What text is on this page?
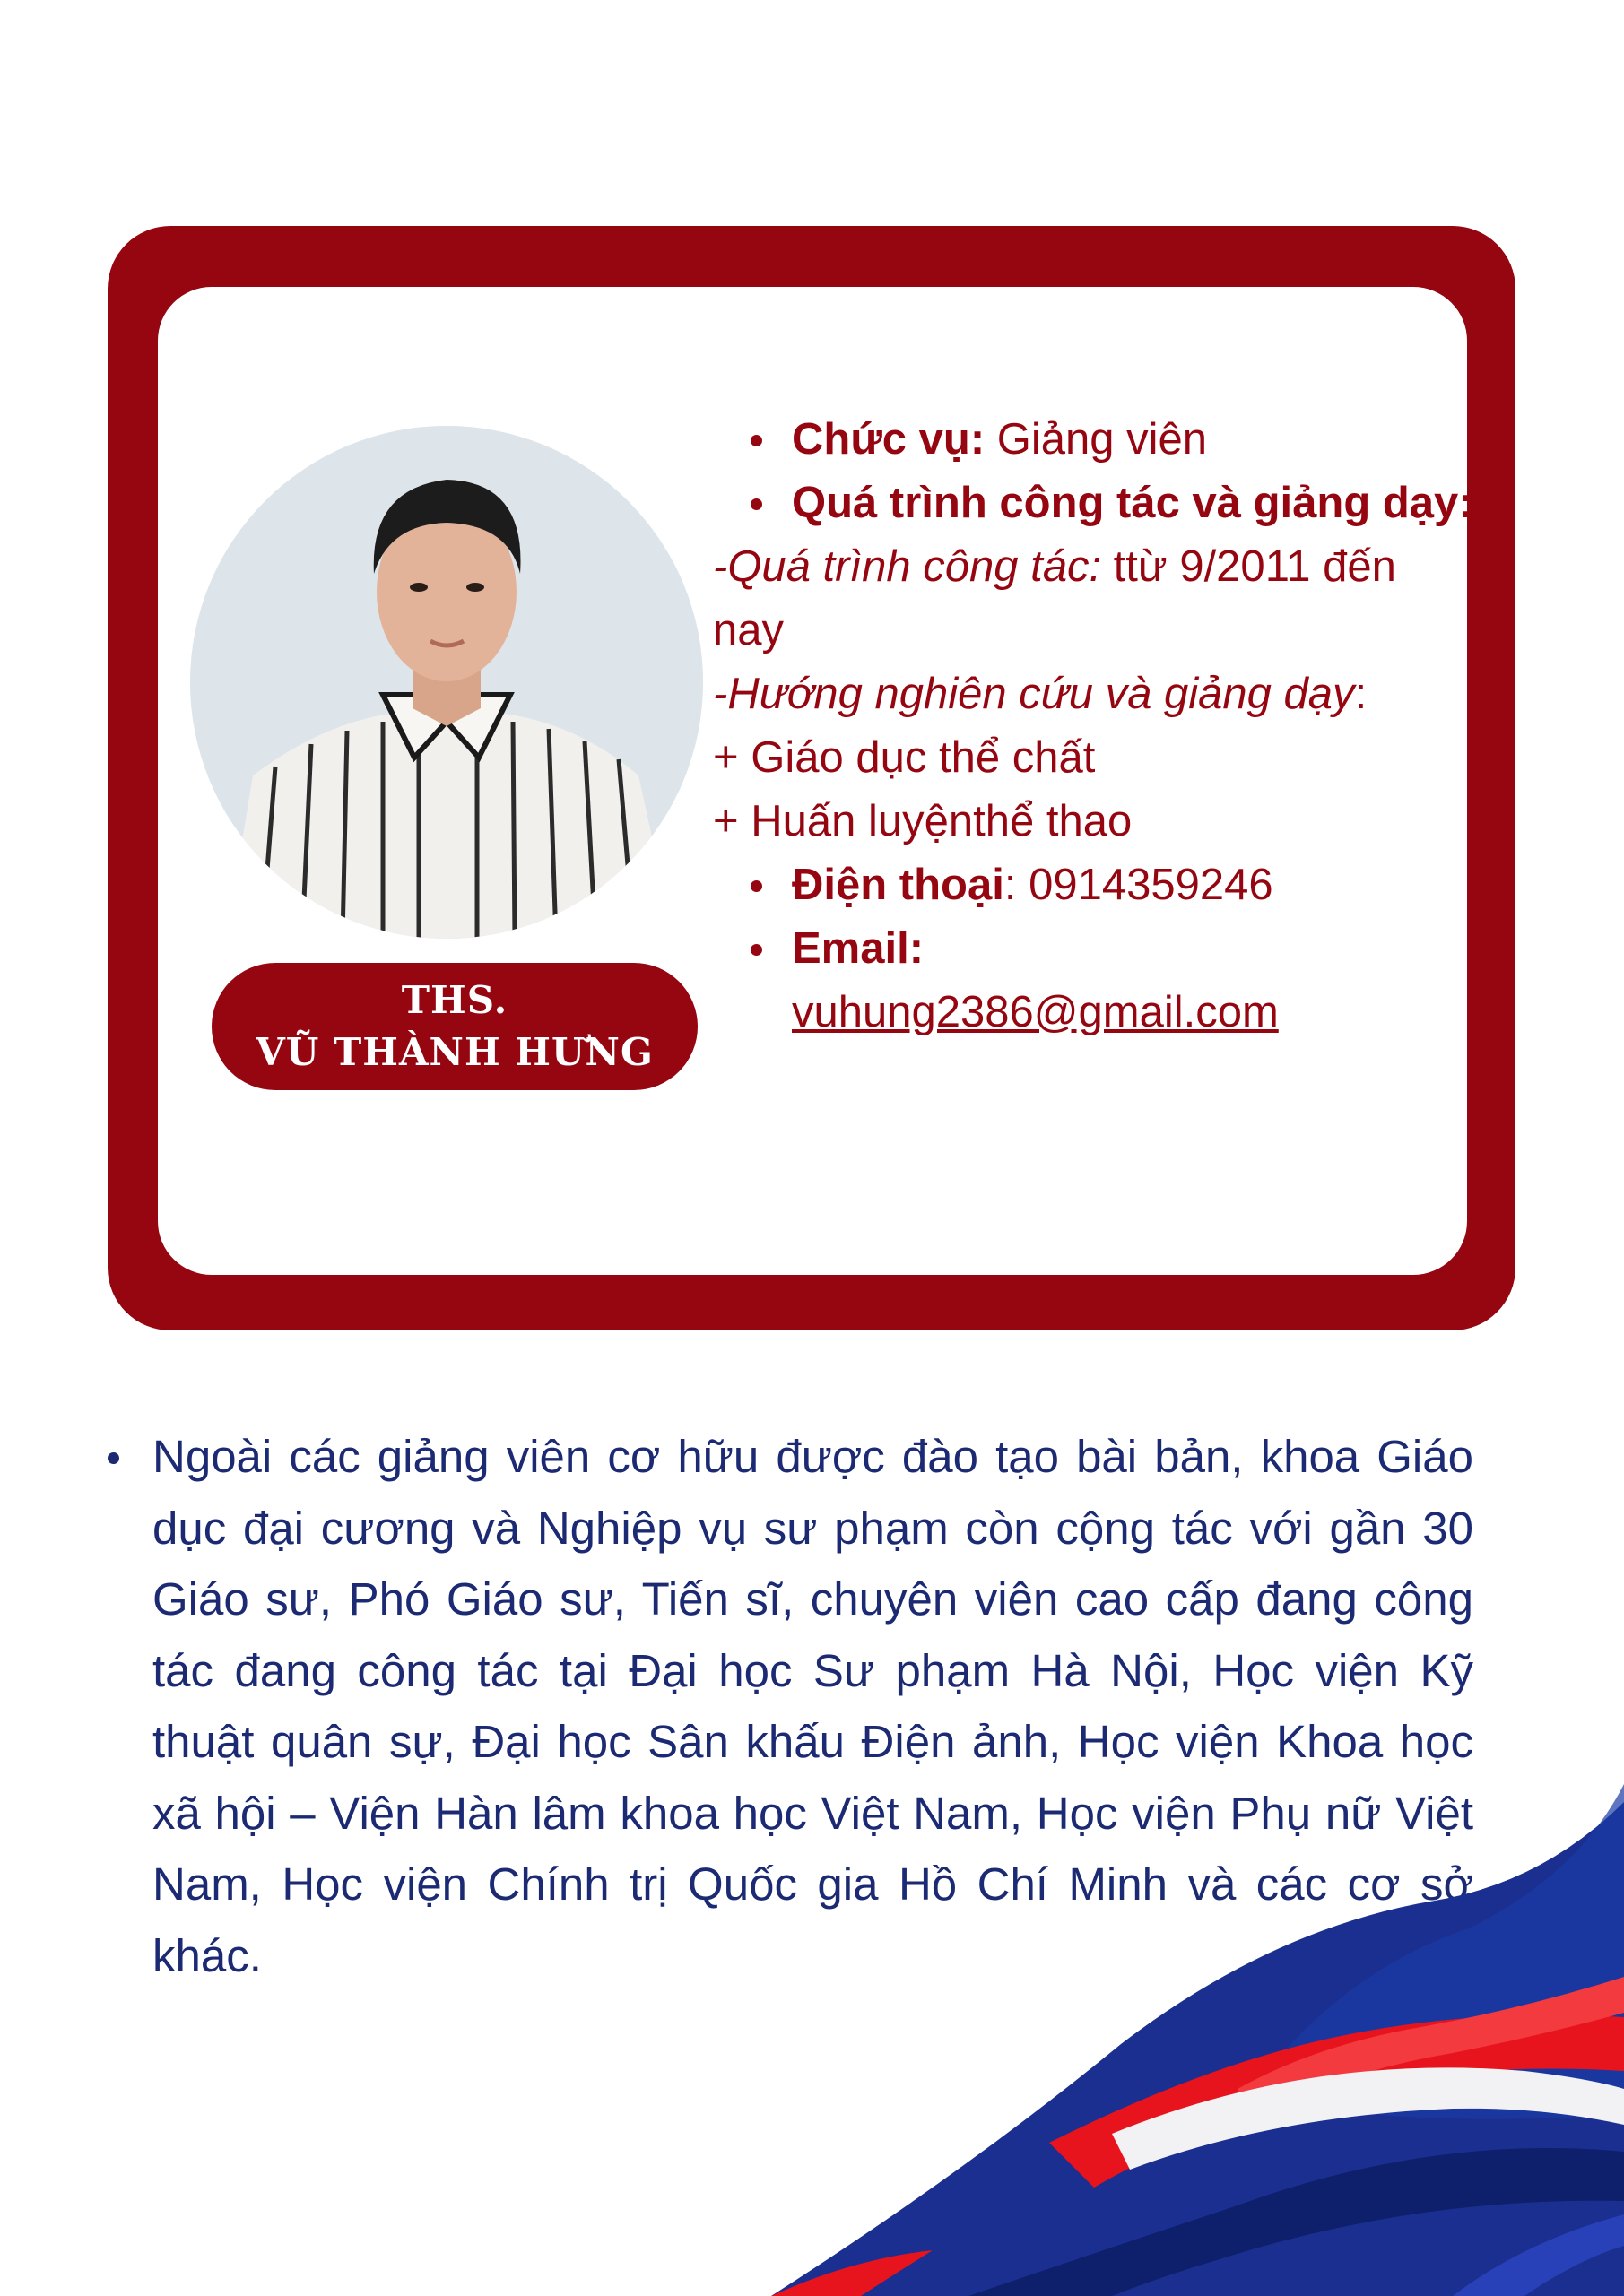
THS.
VŨ THÀNH HƯNG
Chức vụ: Giảng viên
Quá trình công tác và giảng dạy:
-Quá trình công tác: ttừ 9/2011 đến nay
-Hướng nghiên cứu và giảng dạy:
+ Giáo dục thể chất
+ Huấn luyệnthể thao
Điện thoại: 0914359246
Email:
vuhung2386@gmail.com
Ngoài các giảng viên cơ hữu được đào tạo bài bản, khoa Giáo dục đại cương và Nghiệp vụ sư phạm còn cộng tác với gần 30 Giáo sư, Phó Giáo sư, Tiến sĩ, chuyên viên cao cấp đang công tác đang công tác tại Đại học Sư phạm Hà Nội, Học viện Kỹ thuật quân sự, Đại học Sân khấu Điện ảnh, Học viện Khoa học xã hội – Viện Hàn lâm khoa học Việt Nam, Học viện Phụ nữ Việt Nam, Học viện Chính trị Quốc gia Hồ Chí Minh và các cơ sở khác.
